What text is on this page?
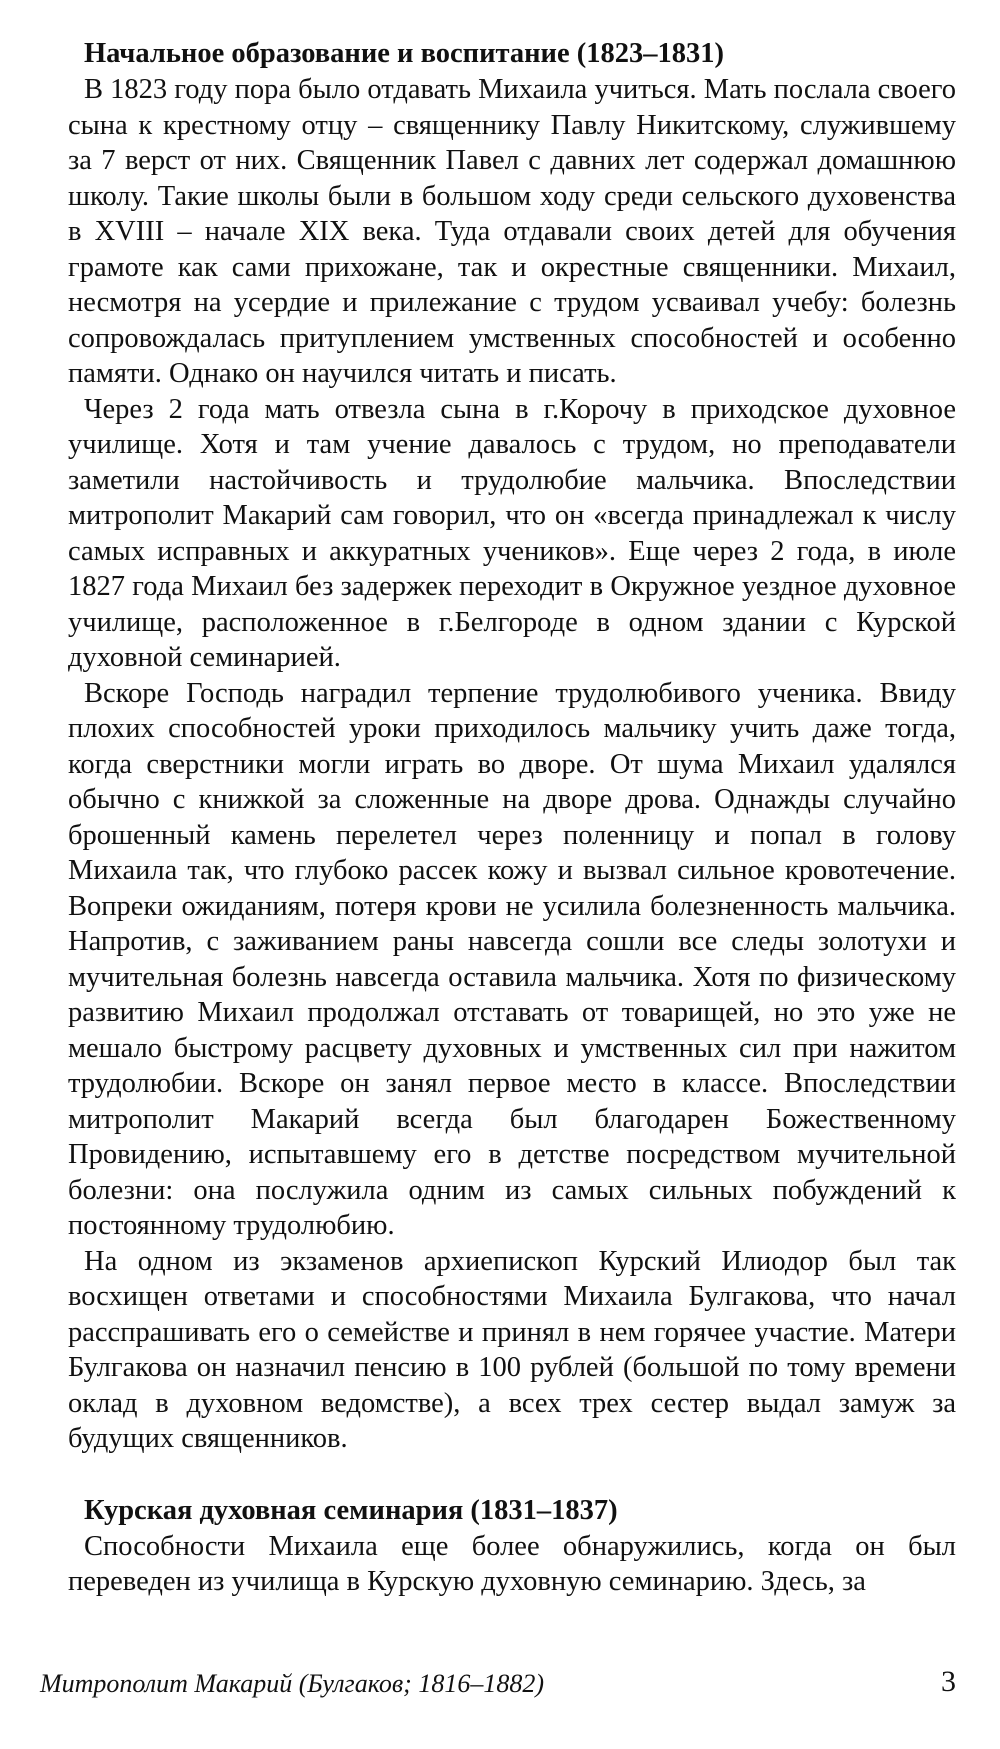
Начальное образование и воспитание (1823–1831)

В 1823 году пора было отдавать Михаила учиться. Мать послала своего сына к крестному отцу – священнику Павлу Никитскому, служившему за 7 верст от них. Священник Павел с давних лет содержал домашнюю школу. Такие школы были в большом ходу среди сельского духовенства в XVIII – начале XIX века. Туда отдавали своих детей для обучения грамоте как сами прихожане, так и окрестные священники. Михаил, несмотря на усердие и прилежание с трудом усваивал учебу: болезнь сопровождалась притуплением умственных способностей и особенно памяти. Однако он научился читать и писать.

Через 2 года мать отвезла сына в г.Корочу в приходское духовное училище. Хотя и там учение давалось с трудом, но преподаватели заметили настойчивость и трудолюбие мальчика. Впоследствии митрополит Макарий сам говорил, что он «всегда принадлежал к числу самых исправных и аккуратных учеников». Еще через 2 года, в июле 1827 года Михаил без задержек переходит в Окружное уездное духовное училище, расположенное в г.Белгороде в одном здании с Курской духовной семинарией.

Вскоре Господь наградил терпение трудолюбивого ученика. Ввиду плохих способностей уроки приходилось мальчику учить даже тогда, когда сверстники могли играть во дворе. От шума Михаил удалялся обычно с книжкой за сложенные на дворе дрова. Однажды случайно брошенный камень перелетел через поленницу и попал в голову Михаила так, что глубоко рассек кожу и вызвал сильное кровотечение. Вопреки ожиданиям, потеря крови не усилила болезненность мальчика. Напротив, с заживанием раны навсегда сошли все следы золотухи и мучительная болезнь навсегда оставила мальчика. Хотя по физическому развитию Михаил продолжал отставать от товарищей, но это уже не мешало быстрому расцвету духовных и умственных сил при нажитом трудолюбии. Вскоре он занял первое место в классе. Впоследствии митрополит Макарий всегда был благодарен Божественному Провидению, испытавшему его в детстве посредством мучительной болезни: она послужила одним из самых сильных побуждений к постоянному трудолюбию.

На одном из экзаменов архиепископ Курский Илиодор был так восхищен ответами и способностями Михаила Булгакова, что начал расспрашивать его о семействе и принял в нем горячее участие. Матери Булгакова он назначил пенсию в 100 рублей (большой по тому времени оклад в духовном ведомстве), а всех трех сестер выдал замуж за будущих священников.

Курская духовная семинария (1831–1837)

Способности Михаила еще более обнаружились, когда он был переведен из училища в Курскую духовную семинарию. Здесь, за

Митрополит Макарий (Булгаков; 1816–1882)	3
